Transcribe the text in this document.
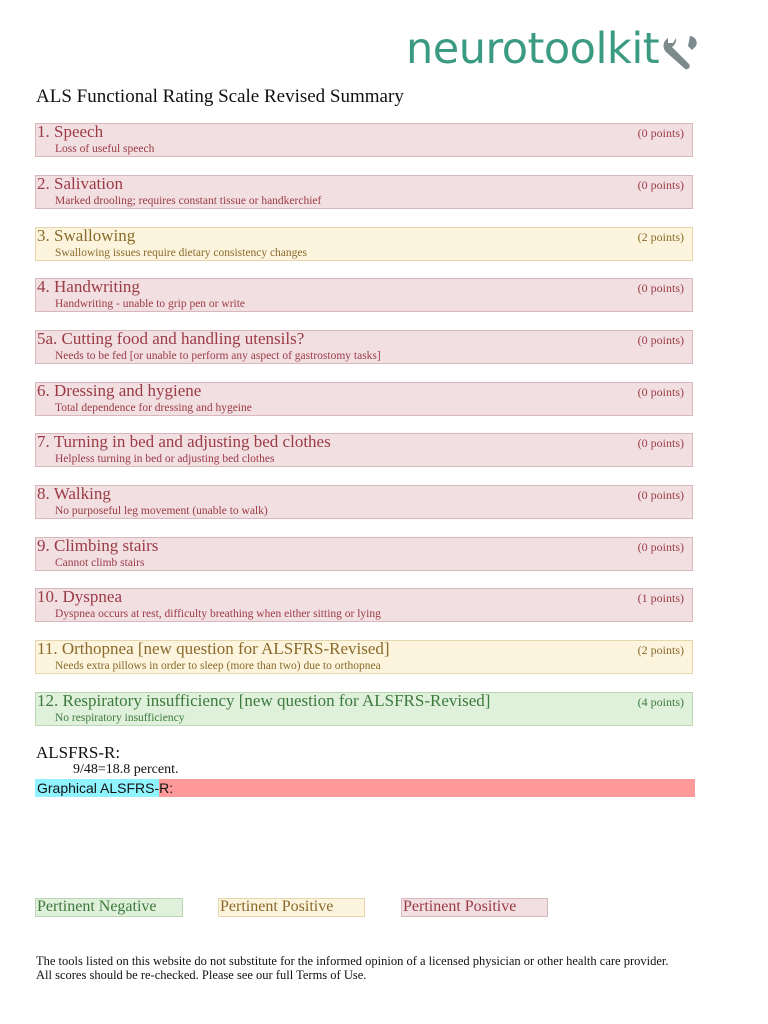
neurotoolkit
ALS Functional Rating Scale Revised Summary
1. Speech	(0 points)
Loss of useful speech
2. Salivation	(0 points)
Marked drooling; requires constant tissue or handkerchief
3. Swallowing	(2 points)
Swallowing issues require dietary consistency changes
4. Handwriting	(0 points)
Handwriting - unable to grip pen or write
5a. Cutting food and handling utensils?	(0 points)
Needs to be fed [or unable to perform any aspect of gastrostomy tasks]
6. Dressing and hygiene	(0 points)
Total dependence for dressing and hygeine
7. Turning in bed and adjusting bed clothes	(0 points)
Helpless turning in bed or adjusting bed clothes
8. Walking	(0 points)
No purposeful leg movement (unable to walk)
9. Climbing stairs	(0 points)
Cannot climb stairs
10. Dyspnea	(1 points)
Dyspnea occurs at rest, difficulty breathing when either sitting or lying
11. Orthopnea [new question for ALSFRS-Revised]	(2 points)
Needs extra pillows in order to sleep (more than two) due to orthopnea
12. Respiratory insufficiency [new question for ALSFRS-Revised]	(4 points)
No respiratory insufficiency
ALSFRS-R:
9/48=18.8 percent.
Graphical ALSFRS-R:
Pertinent Negative	Pertinent Positive	Pertinent Positive
The tools listed on this website do not substitute for the informed opinion of a licensed physician or other health care provider.
All scores should be re-checked. Please see our full Terms of Use.
